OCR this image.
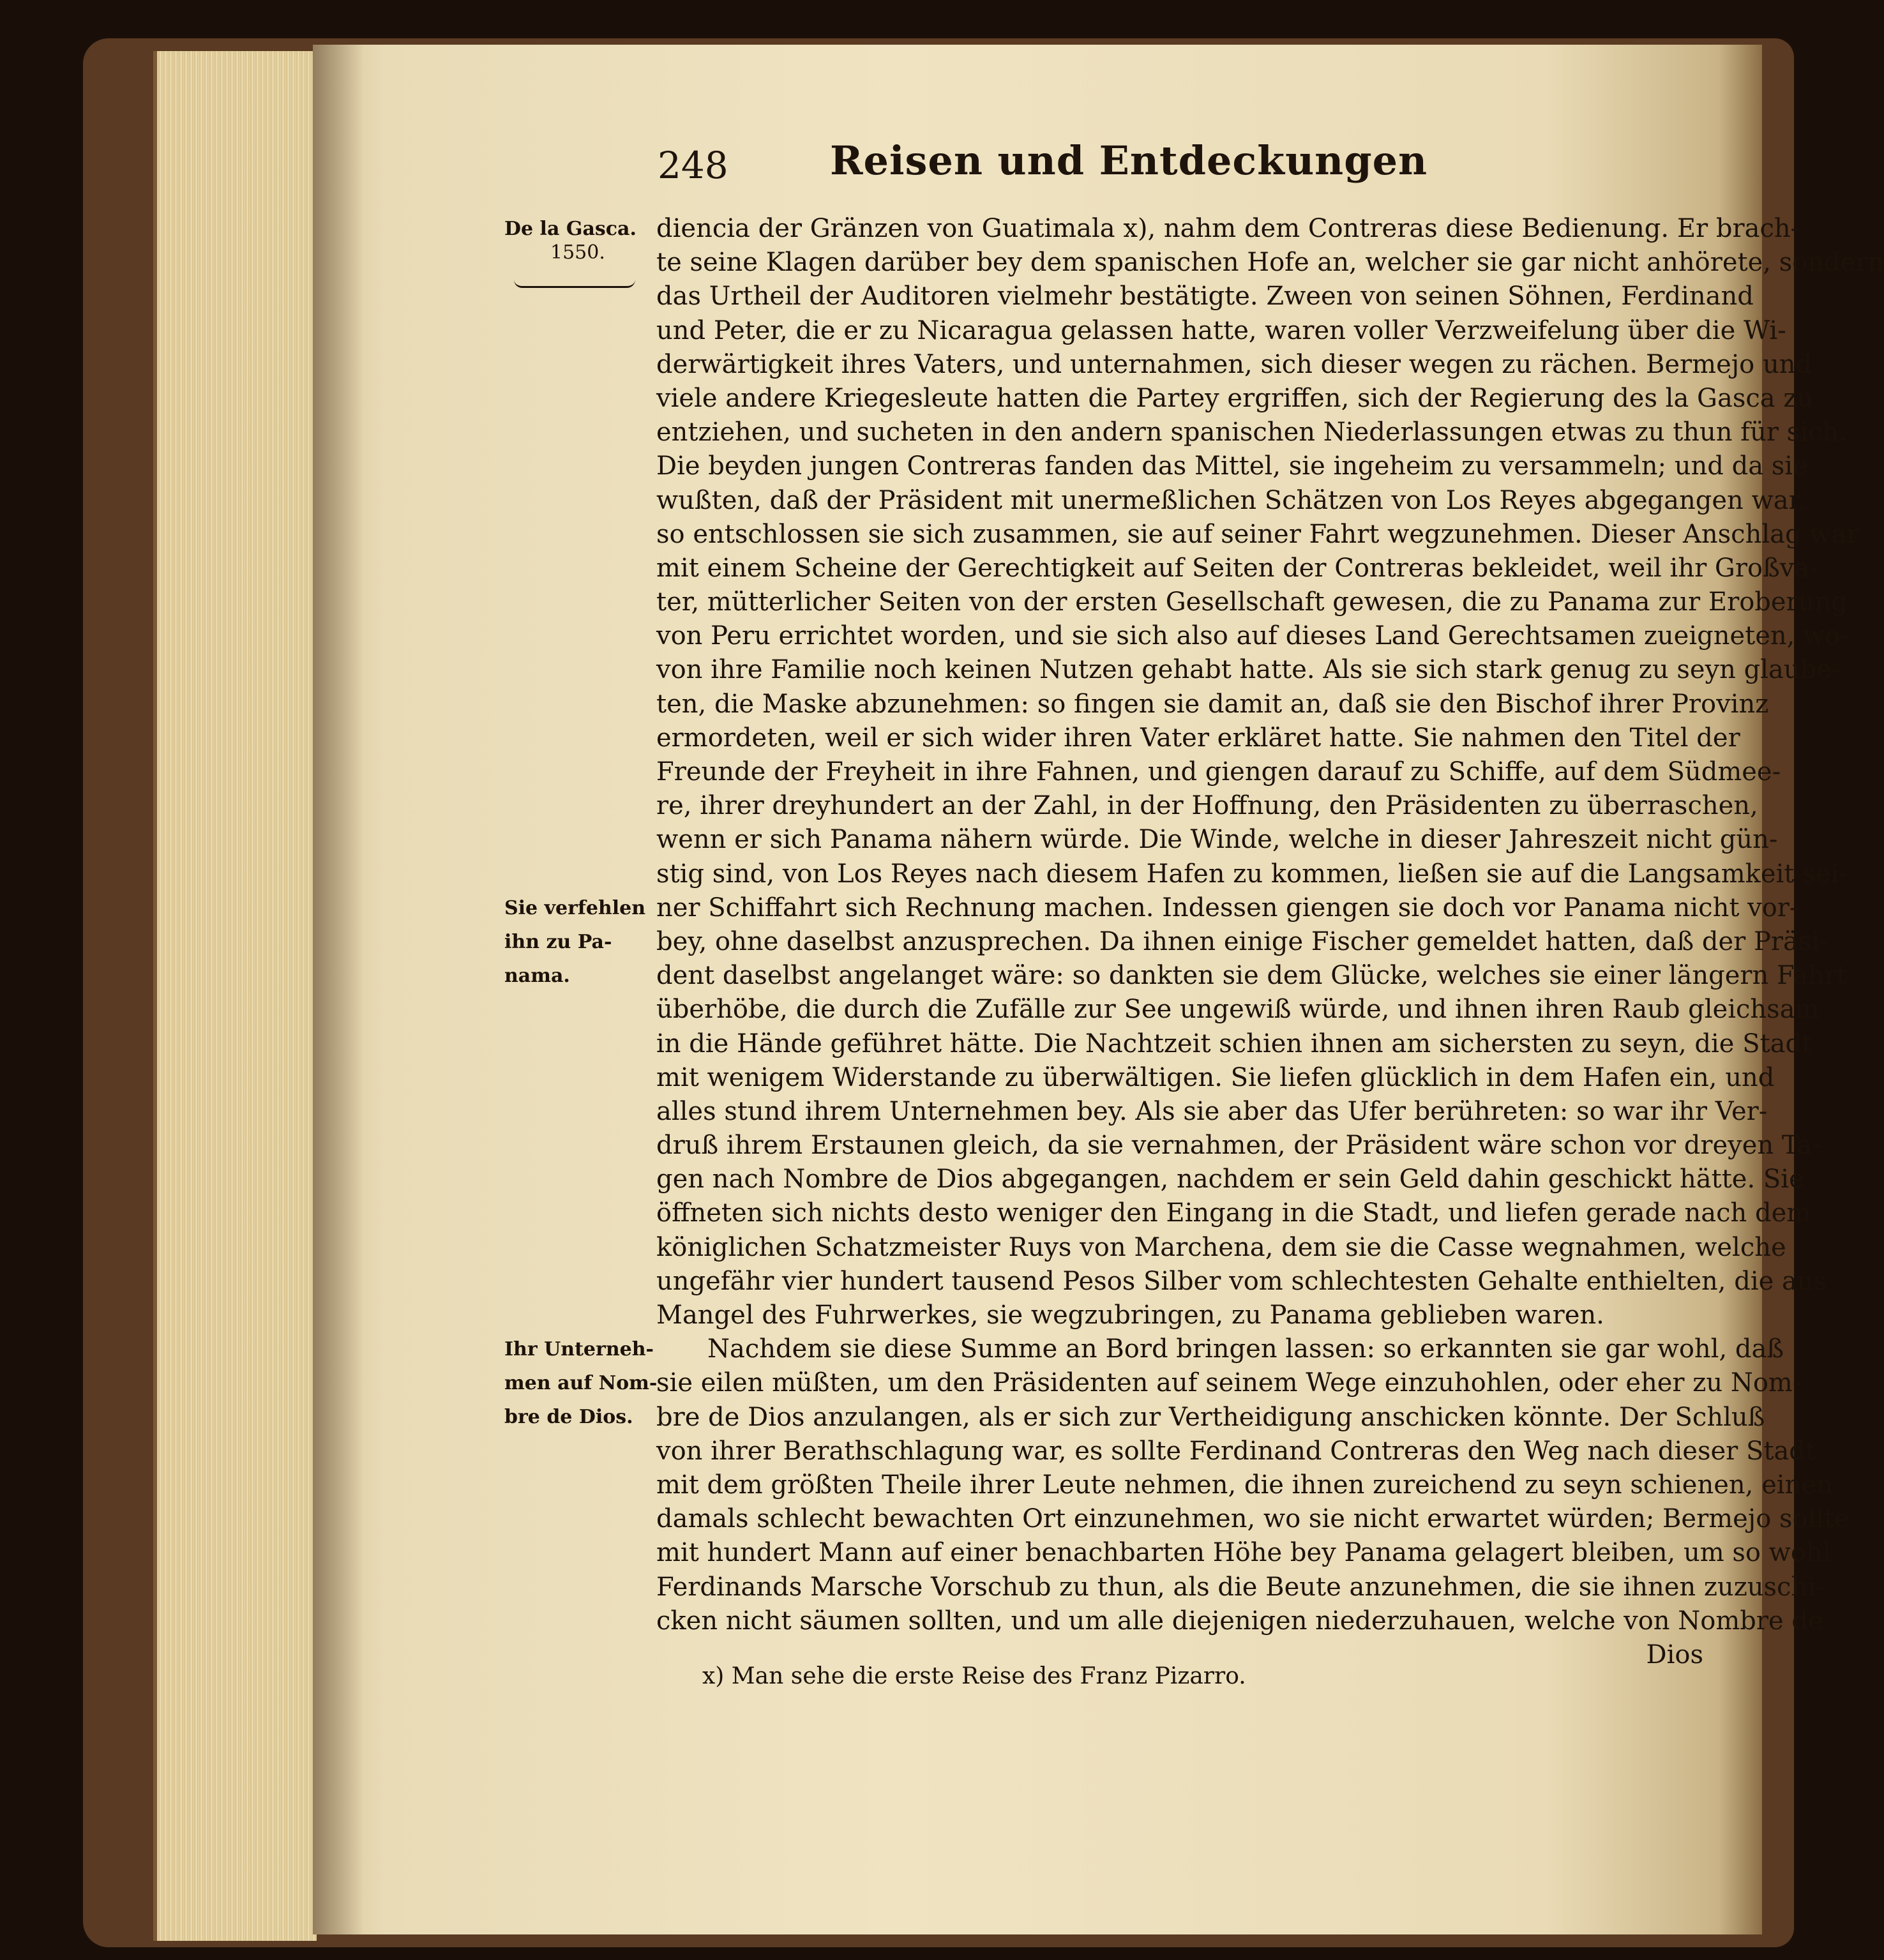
248	Reisen und Entdeckungen
De la Gasca.
1550.
Sie verfehlen
ihn zu Pa-
nama.
Ihr Unterneh-
men auf Nom-
bre de Dios.
diencia der Gränzen von Guatimala x), nahm dem Contreras diese Bedienung. Er brach-
te seine Klagen darüber bey dem spanischen Hofe an, welcher sie gar nicht anhörete, sondern
das Urtheil der Auditoren vielmehr bestätigte. Zween von seinen Söhnen, Ferdinand
und Peter, die er zu Nicaragua gelassen hatte, waren voller Verzweifelung über die Wi-
derwärtigkeit ihres Vaters, und unternahmen, sich dieser wegen zu rächen. Bermejo und
viele andere Kriegesleute hatten die Partey ergriffen, sich der Regierung des la Gasca zu
entziehen, und sucheten in den andern spanischen Niederlassungen etwas zu thun für sich.
Die beyden jungen Contreras fanden das Mittel, sie ingeheim zu versammeln; und da sie
wußten, daß der Präsident mit unermeßlichen Schätzen von Los Reyes abgegangen war,
so entschlossen sie sich zusammen, sie auf seiner Fahrt wegzunehmen. Dieser Anschlag war
mit einem Scheine der Gerechtigkeit auf Seiten der Contreras bekleidet, weil ihr Großva-
ter, mütterlicher Seiten von der ersten Gesellschaft gewesen, die zu Panama zur Eroberung
von Peru errichtet worden, und sie sich also auf dieses Land Gerechtsamen zueigneten, wo-
von ihre Familie noch keinen Nutzen gehabt hatte. Als sie sich stark genug zu seyn glaube-
ten, die Maske abzunehmen: so fingen sie damit an, daß sie den Bischof ihrer Provinz
ermordeten, weil er sich wider ihren Vater erkläret hatte. Sie nahmen den Titel der
Freunde der Freyheit in ihre Fahnen, und giengen darauf zu Schiffe, auf dem Südmee-
re, ihrer dreyhundert an der Zahl, in der Hoffnung, den Präsidenten zu überraschen,
wenn er sich Panama nähern würde. Die Winde, welche in dieser Jahreszeit nicht gün-
stig sind, von Los Reyes nach diesem Hafen zu kommen, ließen sie auf die Langsamkeit sei-
ner Schiffahrt sich Rechnung machen. Indessen giengen sie doch vor Panama nicht vor-
bey, ohne daselbst anzusprechen. Da ihnen einige Fischer gemeldet hatten, daß der Präsi-
dent daselbst angelanget wäre: so dankten sie dem Glücke, welches sie einer längern Fahrt
überhöbe, die durch die Zufälle zur See ungewiß würde, und ihnen ihren Raub gleichsam
in die Hände geführet hätte. Die Nachtzeit schien ihnen am sichersten zu seyn, die Stadt
mit wenigem Widerstande zu überwältigen. Sie liefen glücklich in dem Hafen ein, und
alles stund ihrem Unternehmen bey. Als sie aber das Ufer berühreten: so war ihr Ver-
druß ihrem Erstaunen gleich, da sie vernahmen, der Präsident wäre schon vor dreyen Ta-
gen nach Nombre de Dios abgegangen, nachdem er sein Geld dahin geschickt hätte. Sie
öffneten sich nichts desto weniger den Eingang in die Stadt, und liefen gerade nach dem
königlichen Schatzmeister Ruys von Marchena, dem sie die Casse wegnahmen, welche
ungefähr vier hundert tausend Pesos Silber vom schlechtesten Gehalte enthielten, die aus
Mangel des Fuhrwerkes, sie wegzubringen, zu Panama geblieben waren.
Nachdem sie diese Summe an Bord bringen lassen: so erkannten sie gar wohl, daß
sie eilen müßten, um den Präsidenten auf seinem Wege einzuhohlen, oder eher zu Nom-
bre de Dios anzulangen, als er sich zur Vertheidigung anschicken könnte. Der Schluß
von ihrer Berathschlagung war, es sollte Ferdinand Contreras den Weg nach dieser Stadt
mit dem größten Theile ihrer Leute nehmen, die ihnen zureichend zu seyn schienen, einen
damals schlecht bewachten Ort einzunehmen, wo sie nicht erwartet würden; Bermejo sollte
mit hundert Mann auf einer benachbarten Höhe bey Panama gelagert bleiben, um so wohl
Ferdinands Marsche Vorschub zu thun, als die Beute anzunehmen, die sie ihnen zuzuschi-
cken nicht säumen sollten, und um alle diejenigen niederzuhauen, welche von Nombre de
Dios
x) Man sehe die erste Reise des Franz Pizarro.
